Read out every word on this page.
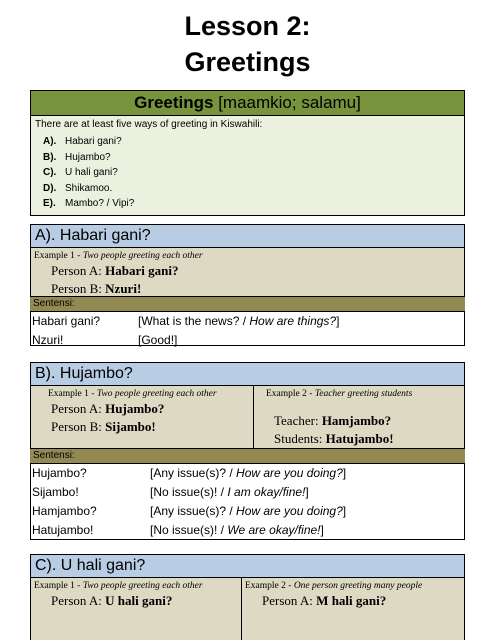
Lesson 2:
Greetings
Greetings [maamkio; salamu]
There are at least five ways of greeting in Kiswahili:
A). Habari gani?
B). Hujambo?
C). U hali gani?
D). Shikamoo.
E). Mambo? / Vipi?
A). Habari gani?
Example 1 - Two people greeting each other
Person A: Habari gani?
Person B: Nzuri!
Sentensi:
Habari gani?	[What is the news? / How are things?]
Nzuri!	[Good!]
B). Hujambo?
Example 1 - Two people greeting each other
Person A: Hujambo?
Person B: Sijambo!
Example 2 - Teacher greeting students
Teacher: Hamjambo?
Students: Hatujambo!
Sentensi:
Hujambo?	[Any issue(s)? / How are you doing?]
Sijambo!	[No issue(s)! / I am okay/fine!]
Hamjambo?	[Any issue(s)? / How are you doing?]
Hatujambo!	[No issue(s)! / We are okay/fine!]
C). U hali gani?
Example 1 - Two people greeting each other
Person A: U hali gani?
Example 2 - One person greeting many people
Person A: M hali gani?
